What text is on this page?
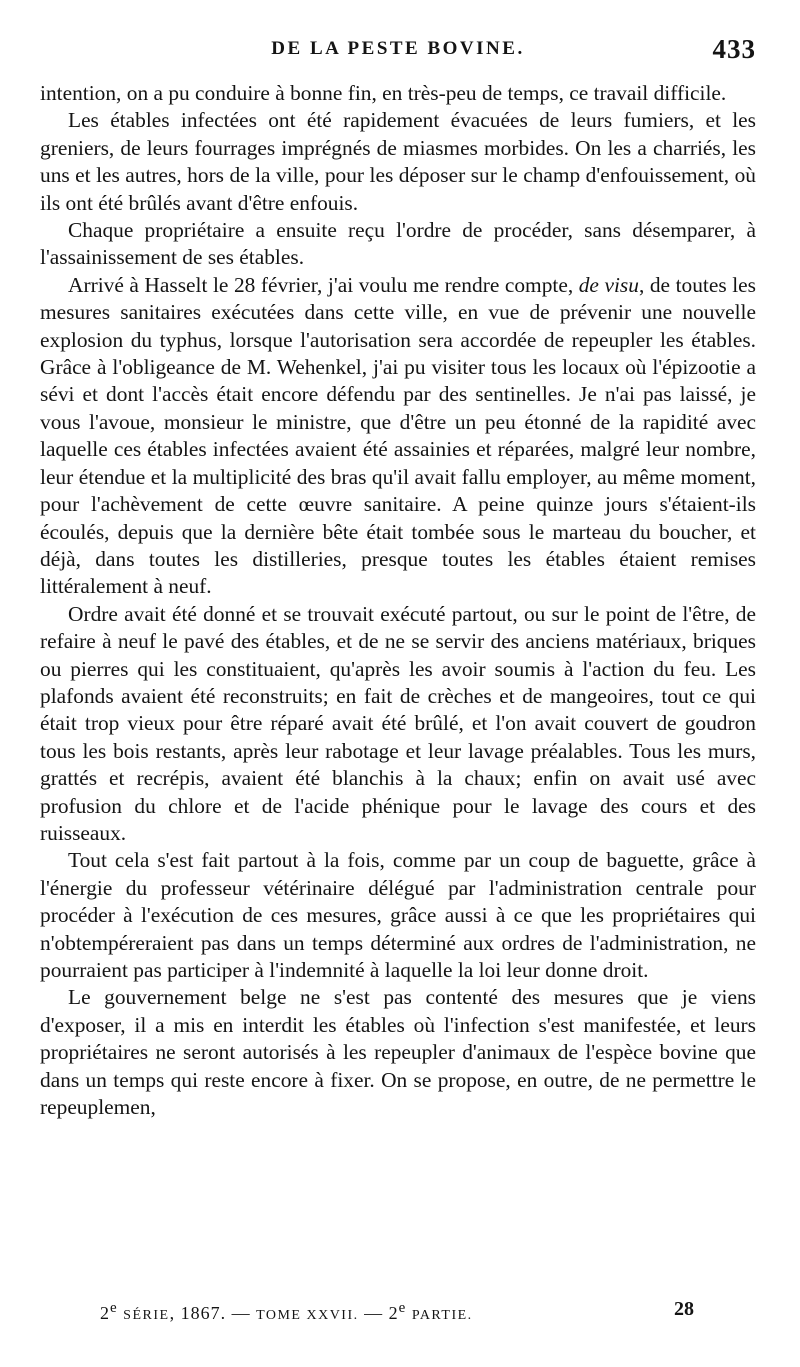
DE LA PESTE BOVINE.	433

intention, on a pu conduire à bonne fin, en très-peu de temps, ce travail difficile.

Les étables infectées ont été rapidement évacuées de leurs fumiers, et les greniers, de leurs fourrages imprégnés de miasmes morbides. On les a charriés, les uns et les autres, hors de la ville, pour les déposer sur le champ d'enfouissement, où ils ont été brûlés avant d'être enfouis.

Chaque propriétaire a ensuite reçu l'ordre de procéder, sans désemparer, à l'assainissement de ses étables.

Arrivé à Hasselt le 28 février, j'ai voulu me rendre compte, de visu, de toutes les mesures sanitaires exécutées dans cette ville, en vue de prévenir une nouvelle explosion du typhus, lorsque l'autorisation sera accordée de repeupler les étables. Grâce à l'obligeance de M. Wehenkel, j'ai pu visiter tous les locaux où l'épizootie a sévi et dont l'accès était encore défendu par des sentinelles. Je n'ai pas laissé, je vous l'avoue, monsieur le ministre, que d'être un peu étonné de la rapidité avec laquelle ces étables infectées avaient été assainies et réparées, malgré leur nombre, leur étendue et la multiplicité des bras qu'il avait fallu employer, au même moment, pour l'achèvement de cette œuvre sanitaire. A peine quinze jours s'étaient-ils écoulés, depuis que la dernière bête était tombée sous le marteau du boucher, et déjà, dans toutes les distilleries, presque toutes les étables étaient remises littéralement à neuf.

Ordre avait été donné et se trouvait exécuté partout, ou sur le point de l'être, de refaire à neuf le pavé des étables, et de ne se servir des anciens matériaux, briques ou pierres qui les constituaient, qu'après les avoir soumis à l'action du feu. Les plafonds avaient été reconstruits; en fait de crèches et de mangeoires, tout ce qui était trop vieux pour être réparé avait été brûlé, et l'on avait couvert de goudron tous les bois restants, après leur rabotage et leur lavage préalables. Tous les murs, grattés et recrépis, avaient été blanchis à la chaux; enfin on avait usé avec profusion du chlore et de l'acide phénique pour le lavage des cours et des ruisseaux.

Tout cela s'est fait partout à la fois, comme par un coup de baguette, grâce à l'énergie du professeur vétérinaire délégué par l'administration centrale pour procéder à l'exécution de ces mesures, grâce aussi à ce que les propriétaires qui n'obtempéreraient pas dans un temps déterminé aux ordres de l'administration, ne pourraient pas participer à l'indemnité à laquelle la loi leur donne droit.

Le gouvernement belge ne s'est pas contenté des mesures que je viens d'exposer, il a mis en interdit les étables où l'infection s'est manifestée, et leurs propriétaires ne seront autorisés à les repeupler d'animaux de l'espèce bovine que dans un temps qui reste encore à fixer. On se propose, en outre, de ne permettre le repeuplemen,

2e SÉRIE, 1867. — TOME XXVII. — 2e PARTIE.	28
